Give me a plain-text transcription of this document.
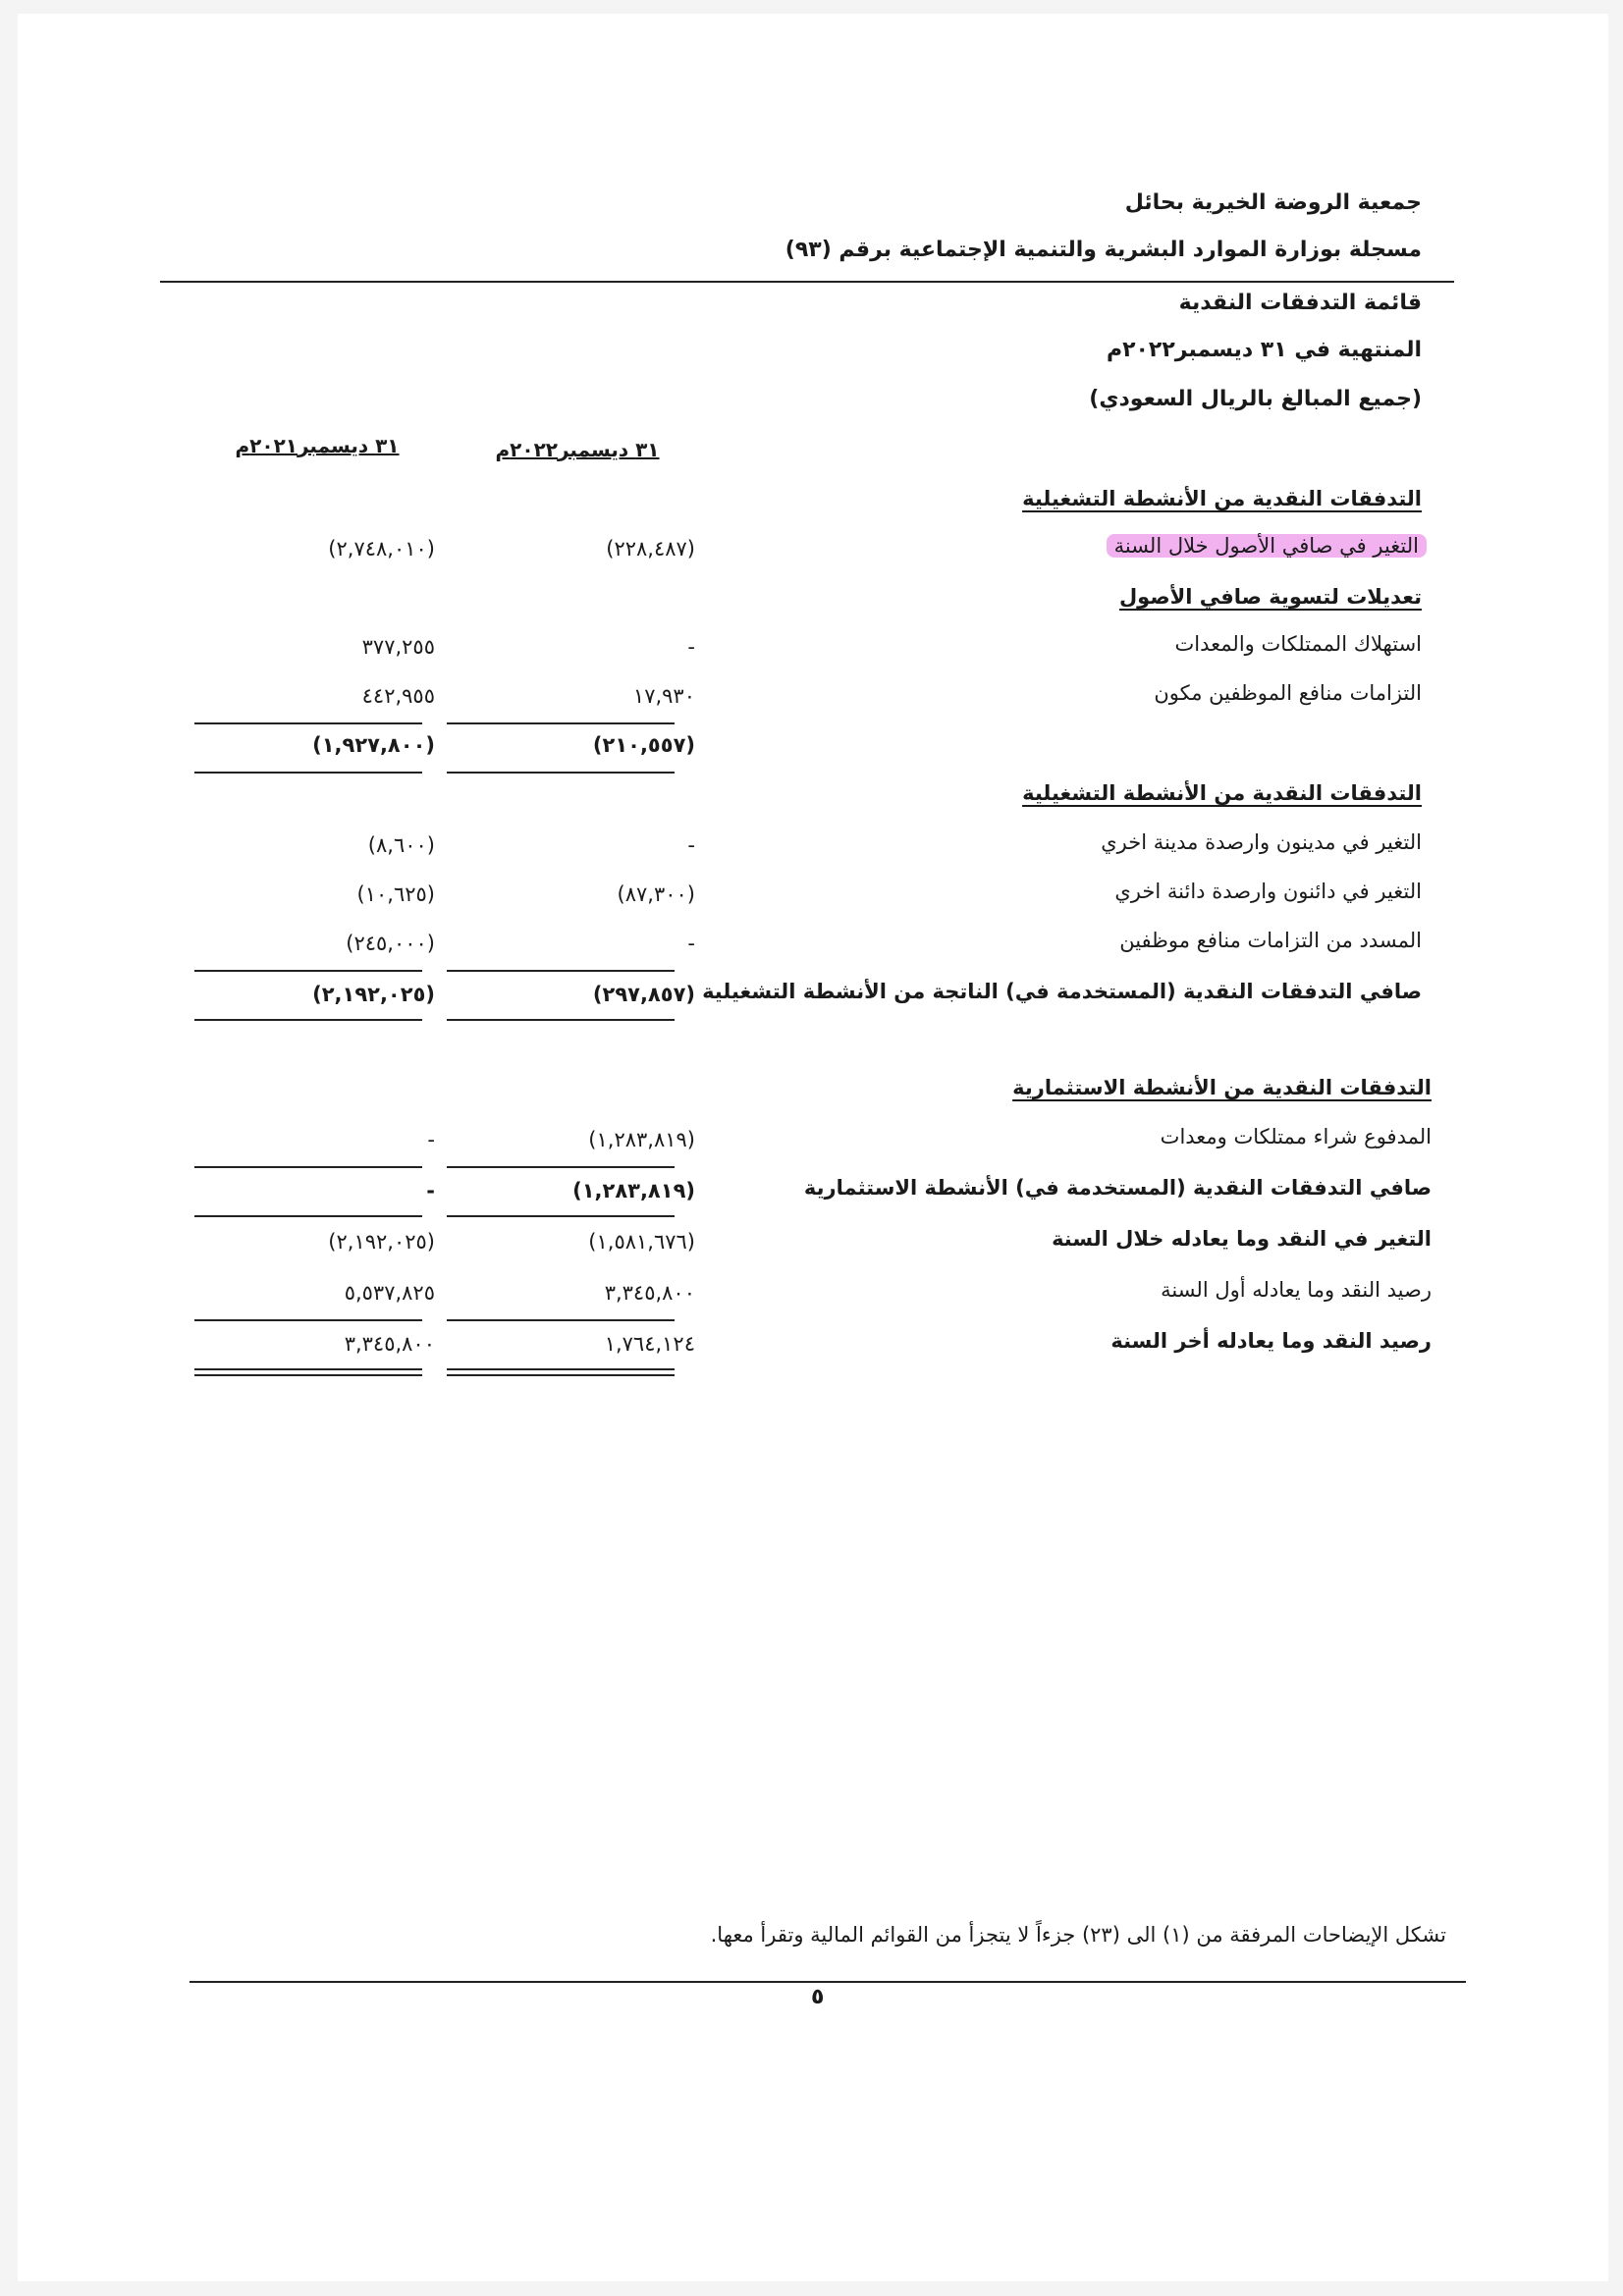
جمعية الروضة الخيرية بحائل
مسجلة بوزارة الموارد البشرية والتنمية الإجتماعية برقم (٩٣)
قائمة التدفقات النقدية
المنتهية في ٣١ ديسمبر٢٠٢٢م
(جميع المبالغ بالريال السعودي)
٣١ ديسمبر٢٠٢٢م
٣١ ديسمبر٢٠٢١م
التدفقات النقدية من الأنشطة التشغيلية
التغير في صافي الأصول خلال السنة
(٢٢٨,٤٨٧)
(٢,٧٤٨,٠١٠)
تعديلات لتسوية صافي الأصول
استهلاك الممتلكات والمعدات
-
٣٧٧,٢٥٥
التزامات منافع الموظفين مكون
١٧,٩٣٠
٤٤٢,٩٥٥
(٢١٠,٥٥٧)
(١,٩٢٧,٨٠٠)
التدفقات النقدية من الأنشطة التشغيلية
التغير في مدينون وارصدة مدينة اخري
-
(٨,٦٠٠)
التغير في دائنون وارصدة دائنة اخري
(٨٧,٣٠٠)
(١٠,٦٢٥)
المسدد من التزامات منافع موظفين
-
(٢٤٥,٠٠٠)
صافي التدفقات النقدية (المستخدمة في) الناتجة من الأنشطة التشغيلية
(٢٩٧,٨٥٧)
(٢,١٩٢,٠٢٥)
التدفقات النقدية من الأنشطة الاستثمارية
المدفوع شراء ممتلكات ومعدات
(١,٢٨٣,٨١٩)
-
صافي التدفقات النقدية (المستخدمة في) الأنشطة الاستثمارية
(١,٢٨٣,٨١٩)
-
التغير في النقد وما يعادله خلال السنة
(١,٥٨١,٦٧٦)
(٢,١٩٢,٠٢٥)
رصيد النقد وما يعادله أول السنة
٣,٣٤٥,٨٠٠
٥,٥٣٧,٨٢٥
رصيد النقد وما يعادله أخر السنة
١,٧٦٤,١٢٤
٣,٣٤٥,٨٠٠
تشكل الإيضاحات المرفقة من (١) الى (٢٣) جزءاً لا يتجزأ من القوائم المالية وتقرأ معها.
٥
